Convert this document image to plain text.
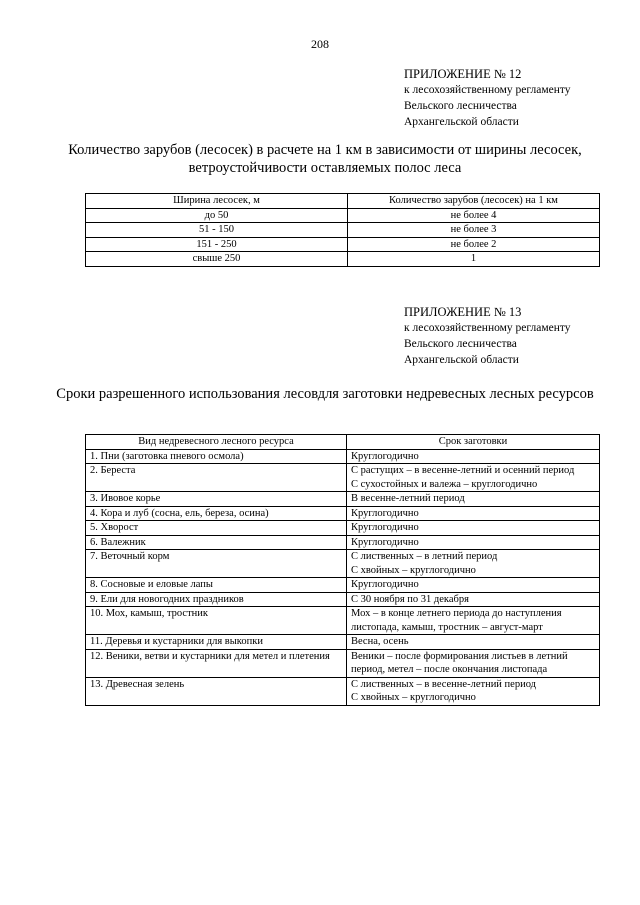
208
ПРИЛОЖЕНИЕ № 12
к лесохозяйственному регламенту
Вельского лесничества
Архангельской области
Количество зарубов (лесосек) в расчете на 1 км в зависимости от ширины лесосек, ветроустойчивости оставляемых полос леса
Ширина лесосек, м	Количество зарубов (лесосек) на 1 км
до 50	не более 4
51 - 150	не более 3
151 - 250	не более 2
свыше 250	1
ПРИЛОЖЕНИЕ № 13
к лесохозяйственному регламенту
Вельского лесничества
Архангельской области
Сроки разрешенного использования лесовдля заготовки недревесных лесных ресурсов
Вид недревесного лесного ресурса	Срок заготовки
1. Пни (заготовка пневого осмола)	Круглогодично

2. Береста	С растущих – в весенне-летний и осенний период
С сухостойных и валежа – круглогодично

3. Ивовое корье	В весенне-летний период

4. Кора и луб (сосна, ель, береза, осина)	Круглогодично

5. Хворост	Круглогодично

6. Валежник	Круглогодично

7. Веточный корм	С лиственных – в летний период
С хвойных – круглогодично

8. Сосновые и еловые лапы	Круглогодично

9. Ели для новогодних праздников	С 30 ноября по 31 декабря

10. Мох, камыш, тростник	Мох – в конце летнего периода до наступления листопада, камыш, тростник – август-март

11. Деревья и кустарники для выкопки	Весна, осень

12. Веники, ветви и кустарники для метел и плетения	Веники – после формирования листьев в летний период, метел – после окончания листопада

13. Древесная зелень	С лиственных – в весенне-летний период
С хвойных – круглогодично
